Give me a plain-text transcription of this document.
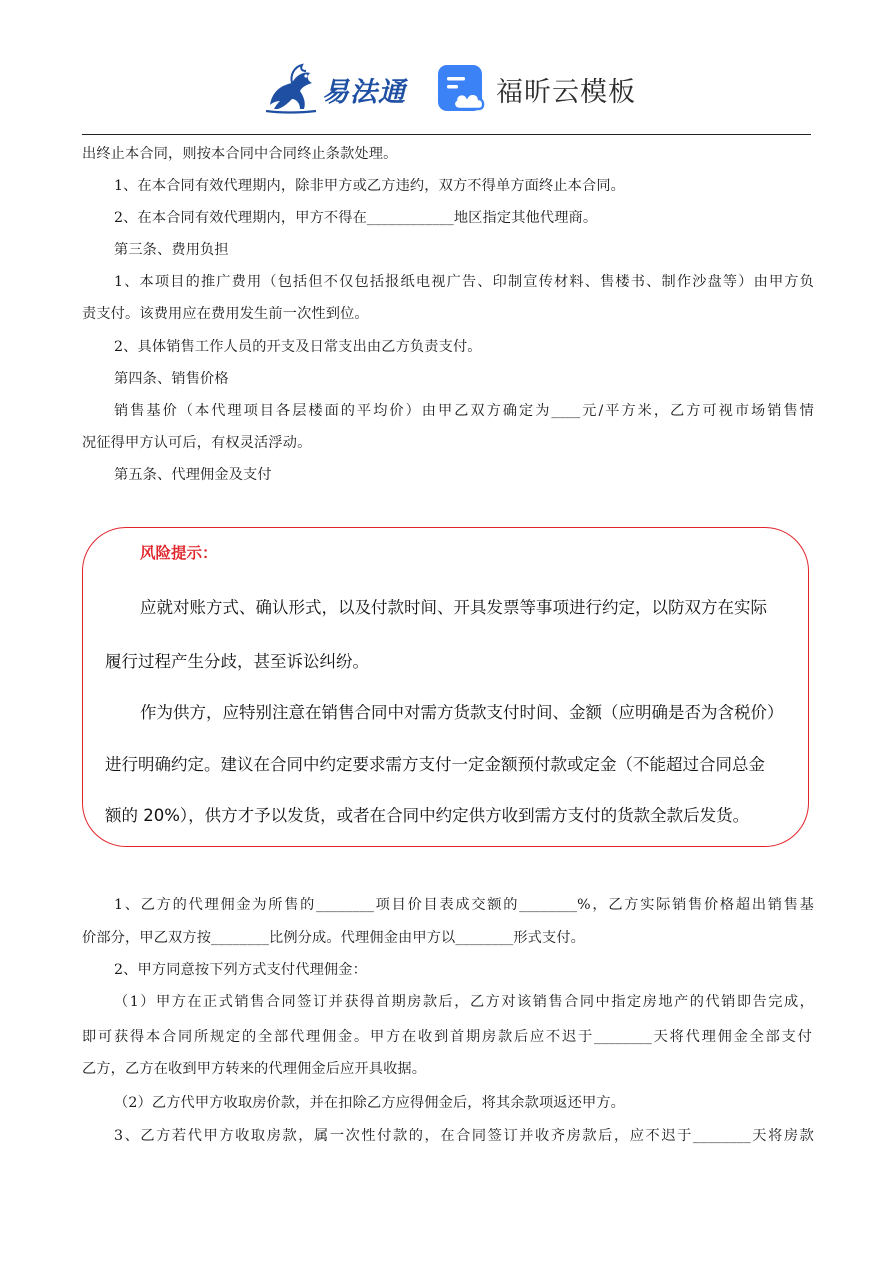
易法通	福昕云模板
出终止本合同，则按本合同中合同终止条款处理。
1、在本合同有效代理期内，除非甲方或乙方违约，双方不得单方面终止本合同。
2、在本合同有效代理期内，甲方不得在____________地区指定其他代理商。
第三条、费用负担
1、本项目的推广费用（包括但不仅包括报纸电视广告、印制宣传材料、售楼书、制作沙盘等）由甲方负
责支付。该费用应在费用发生前一次性到位。
2、具体销售工作人员的开支及日常支出由乙方负责支付。
第四条、销售价格
销售基价（本代理项目各层楼面的平均价）由甲乙双方确定为____元/平方米，乙方可视市场销售情
况征得甲方认可后，有权灵活浮动。
第五条、代理佣金及支付
风险提示：
应就对账方式、确认形式，以及付款时间、开具发票等事项进行约定，以防双方在实际
履行过程产生分歧，甚至诉讼纠纷。
作为供方，应特别注意在销售合同中对需方货款支付时间、金额（应明确是否为含税价）
进行明确约定。建议在合同中约定要求需方支付一定金额预付款或定金（不能超过合同总金
额的 20%），供方才予以发货，或者在合同中约定供方收到需方支付的货款全款后发货。
1、乙方的代理佣金为所售的________项目价目表成交额的________%，乙方实际销售价格超出销售基
价部分，甲乙双方按________比例分成。代理佣金由甲方以________形式支付。
2、甲方同意按下列方式支付代理佣金：
（1）甲方在正式销售合同签订并获得首期房款后，乙方对该销售合同中指定房地产的代销即告完成，
即可获得本合同所规定的全部代理佣金。甲方在收到首期房款后应不迟于________天将代理佣金全部支付
乙方，乙方在收到甲方转来的代理佣金后应开具收据。
（2）乙方代甲方收取房价款，并在扣除乙方应得佣金后，将其余款项返还甲方。
3、乙方若代甲方收取房款，属一次性付款的，在合同签订并收齐房款后，应不迟于________天将房款
